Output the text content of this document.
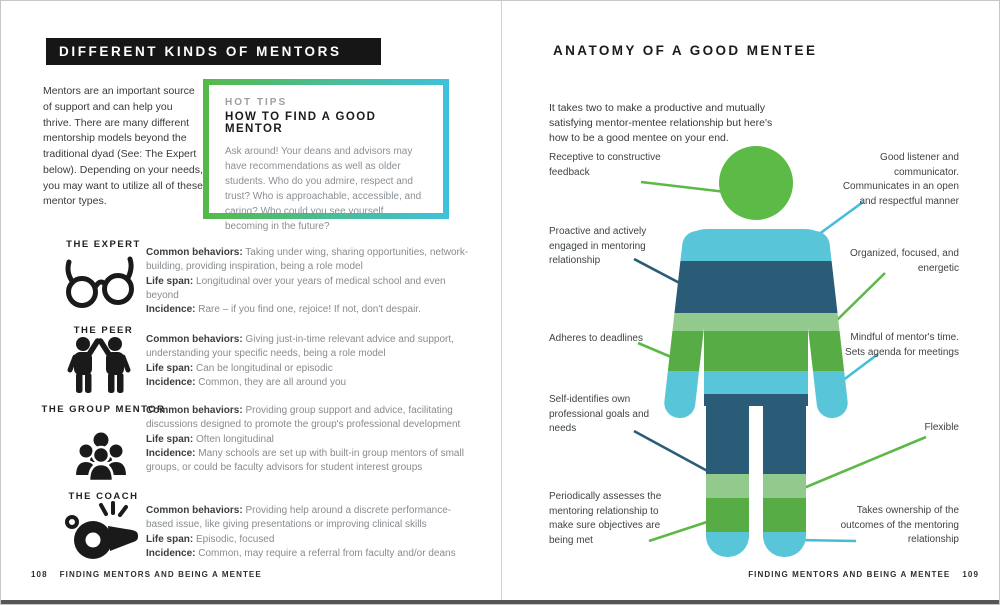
DIFFERENT KINDS OF MENTORS
Mentors are an important source of support and can help you thrive. There are many different mentorship models beyond the traditional dyad (See: The Expert below). Depending on your needs, you may want to utilize all of these mentor types.
HOT TIPS
HOW TO FIND A GOOD MENTOR
Ask around! Your deans and advisors may have recommendations as well as older students. Who do you admire, respect and trust? Who is approachable, accessible, and caring? Who could you see yourself becoming in the future?
THE EXPERT
Common behaviors: Taking under wing, sharing opportunities, network- building, providing inspiration, being a role model
Life span: Longitudinal over your years of medical school and even beyond
Incidence: Rare – if you find one, rejoice! If not, don't despair.
THE PEER
Common behaviors: Giving just-in-time relevant advice and support, understanding your specific needs, being a role model
Life span: Can be longitudinal or episodic
Incidence: Common, they are all around you
THE GROUP MENTOR
Common behaviors: Providing group support and advice, facilitating discussions designed to promote the group's professional development
Life span: Often longitudinal
Incidence: Many schools are set up with built-in group mentors of small groups, or could be faculty advisors for student interest groups
THE COACH
Common behaviors: Providing help around a discrete performance-based issue, like giving presentations or improving clinical skills
Life span: Episodic, focused
Incidence: Common, may require a referral from faculty and/or deans
108 FINDING MENTORS AND BEING A MENTEE
ANATOMY OF A GOOD MENTEE
It takes two to make a productive and mutually satisfying mentor-mentee relationship but here's how to be a good mentee on your end.
Receptive to constructive feedback
Proactive and actively engaged in mentoring relationship
Adheres to deadlines
Self-identifies own professional goals and needs
Periodically assesses the mentoring relationship to make sure objectives are being met
Good listener and communicator. Communicates in an open and respectful manner
Organized, focused, and energetic
Mindful of mentor's time. Sets agenda for meetings
Flexible
Takes ownership of the outcomes of the mentoring relationship
FINDING MENTORS AND BEING A MENTEE 109
